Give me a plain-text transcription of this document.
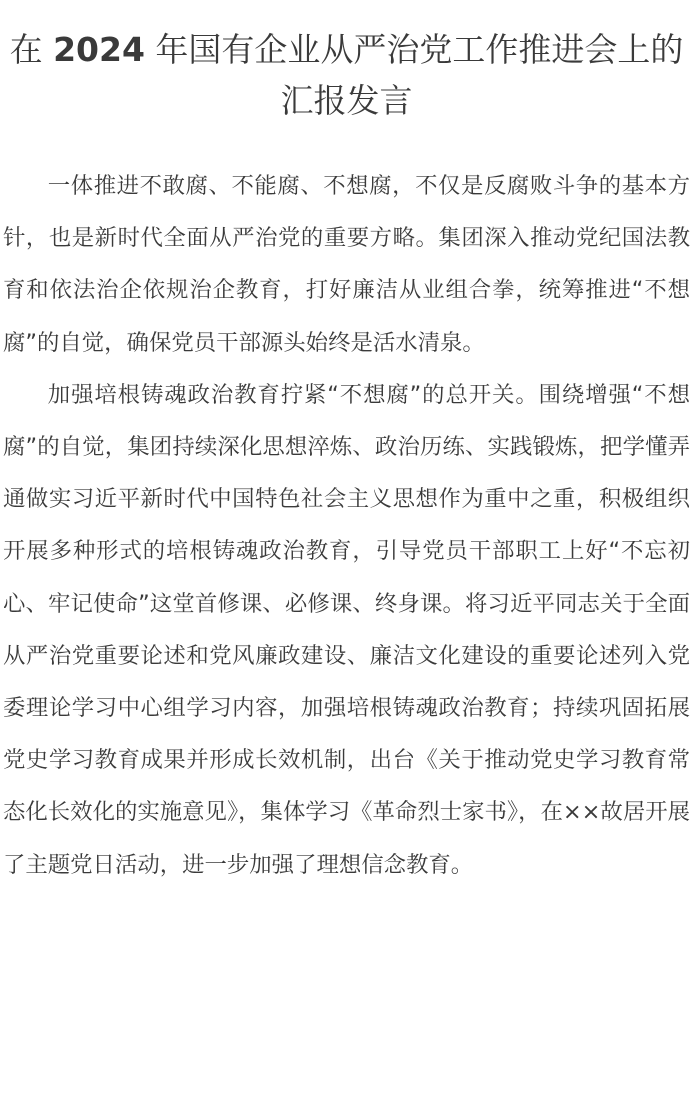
在 2024 年国有企业从严治党工作推进会上的汇报发言

一体推进不敢腐、不能腐、不想腐，不仅是反腐败斗争的基本方针，也是新时代全面从严治党的重要方略。集团深入推动党纪国法教育和依法治企依规治企教育，打好廉洁从业组合拳，统筹推进“不想腐”的自觉，确保党员干部源头始终是活水清泉。

加强培根铸魂政治教育拧紧“不想腐”的总开关。围绕增强“不想腐”的自觉，集团持续深化思想淬炼、政治历练、实践锻炼，把学懂弄通做实习近平新时代中国特色社会主义思想作为重中之重，积极组织开展多种形式的培根铸魂政治教育，引导党员干部职工上好“不忘初心、牢记使命”这堂首修课、必修课、终身课。将习近平同志关于全面从严治党重要论述和党风廉政建设、廉洁文化建设的重要论述列入党委理论学习中心组学习内容，加强培根铸魂政治教育；持续巩固拓展党史学习教育成果并形成长效机制，出台《关于推动党史学习教育常态化长效化的实施意见》，集体学习《革命烈士家书》，在××故居开展了主题党日活动，进一步加强了理想信念教育。
